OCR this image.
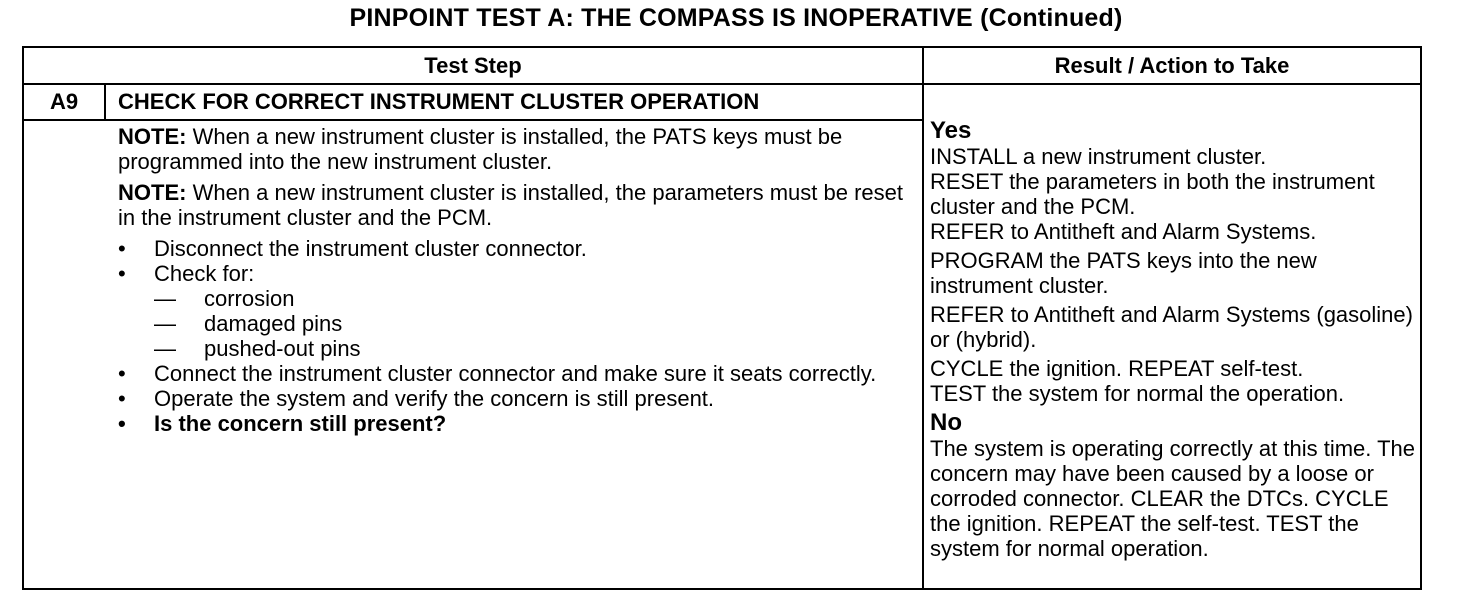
PINPOINT TEST A: THE COMPASS IS INOPERATIVE (Continued)
Test Step	Result / Action to Take
A9	CHECK FOR CORRECT INSTRUMENT CLUSTER OPERATION

NOTE: When a new instrument cluster is installed, the PATS keys must be programmed into the new instrument cluster.

NOTE: When a new instrument cluster is installed, the parameters must be reset in the instrument cluster and the PCM.

• Disconnect the instrument cluster connector.
• Check for:
— corrosion
— damaged pins
— pushed-out pins
• Connect the instrument cluster connector and make sure it seats correctly.
• Operate the system and verify the concern is still present.
• Is the concern still present?
Yes
INSTALL a new instrument cluster.
RESET the parameters in both the instrument cluster and the PCM.
REFER to Antitheft and Alarm Systems.
PROGRAM the PATS keys into the new instrument cluster.
REFER to Antitheft and Alarm Systems (gasoline) or (hybrid).
CYCLE the ignition. REPEAT self-test.
TEST the system for normal the operation.
No
The system is operating correctly at this time. The concern may have been caused by a loose or corroded connector. CLEAR the DTCs. CYCLE the ignition. REPEAT the self-test. TEST the system for normal operation.
